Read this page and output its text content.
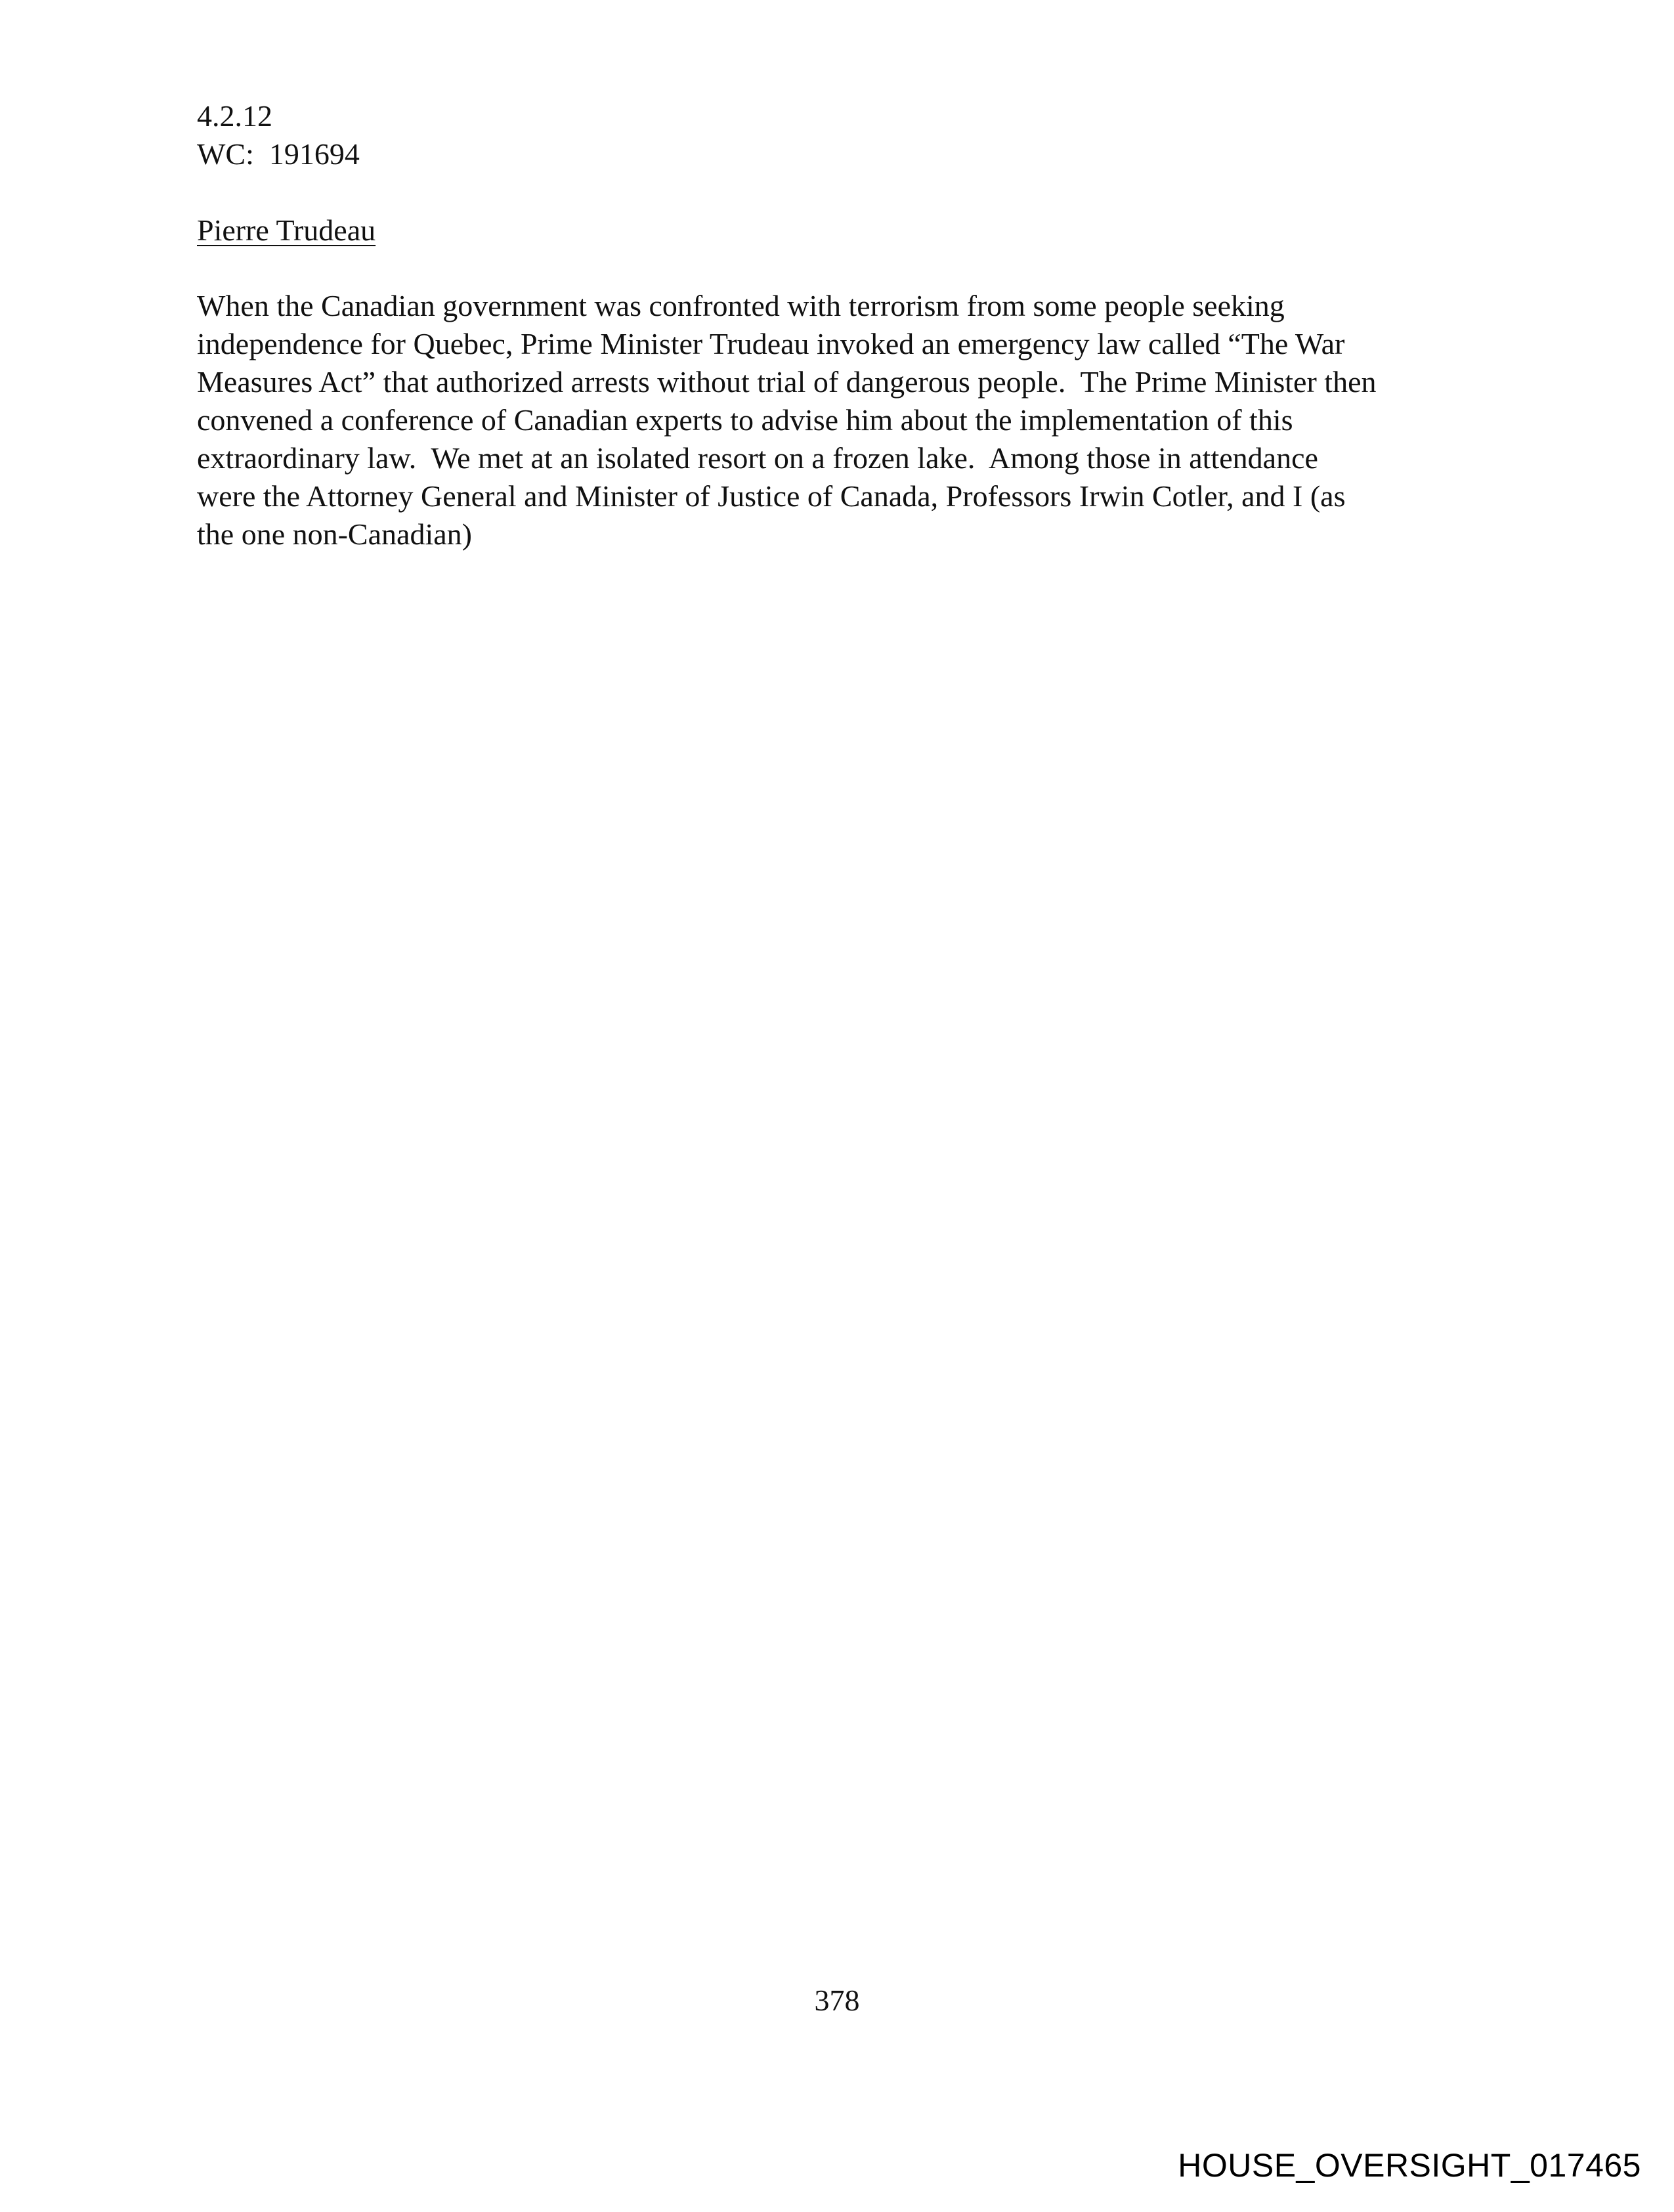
4.2.12
WC:  191694
Pierre Trudeau
When the Canadian government was confronted with terrorism from some people seeking
independence for Quebec, Prime Minister Trudeau invoked an emergency law called “The War
Measures Act” that authorized arrests without trial of dangerous people.  The Prime Minister then
convened a conference of Canadian experts to advise him about the implementation of this
extraordinary law.  We met at an isolated resort on a frozen lake.  Among those in attendance
were the Attorney General and Minister of Justice of Canada, Professors Irwin Cotler, and I (as
the one non-Canadian)
378
HOUSE_OVERSIGHT_017465
